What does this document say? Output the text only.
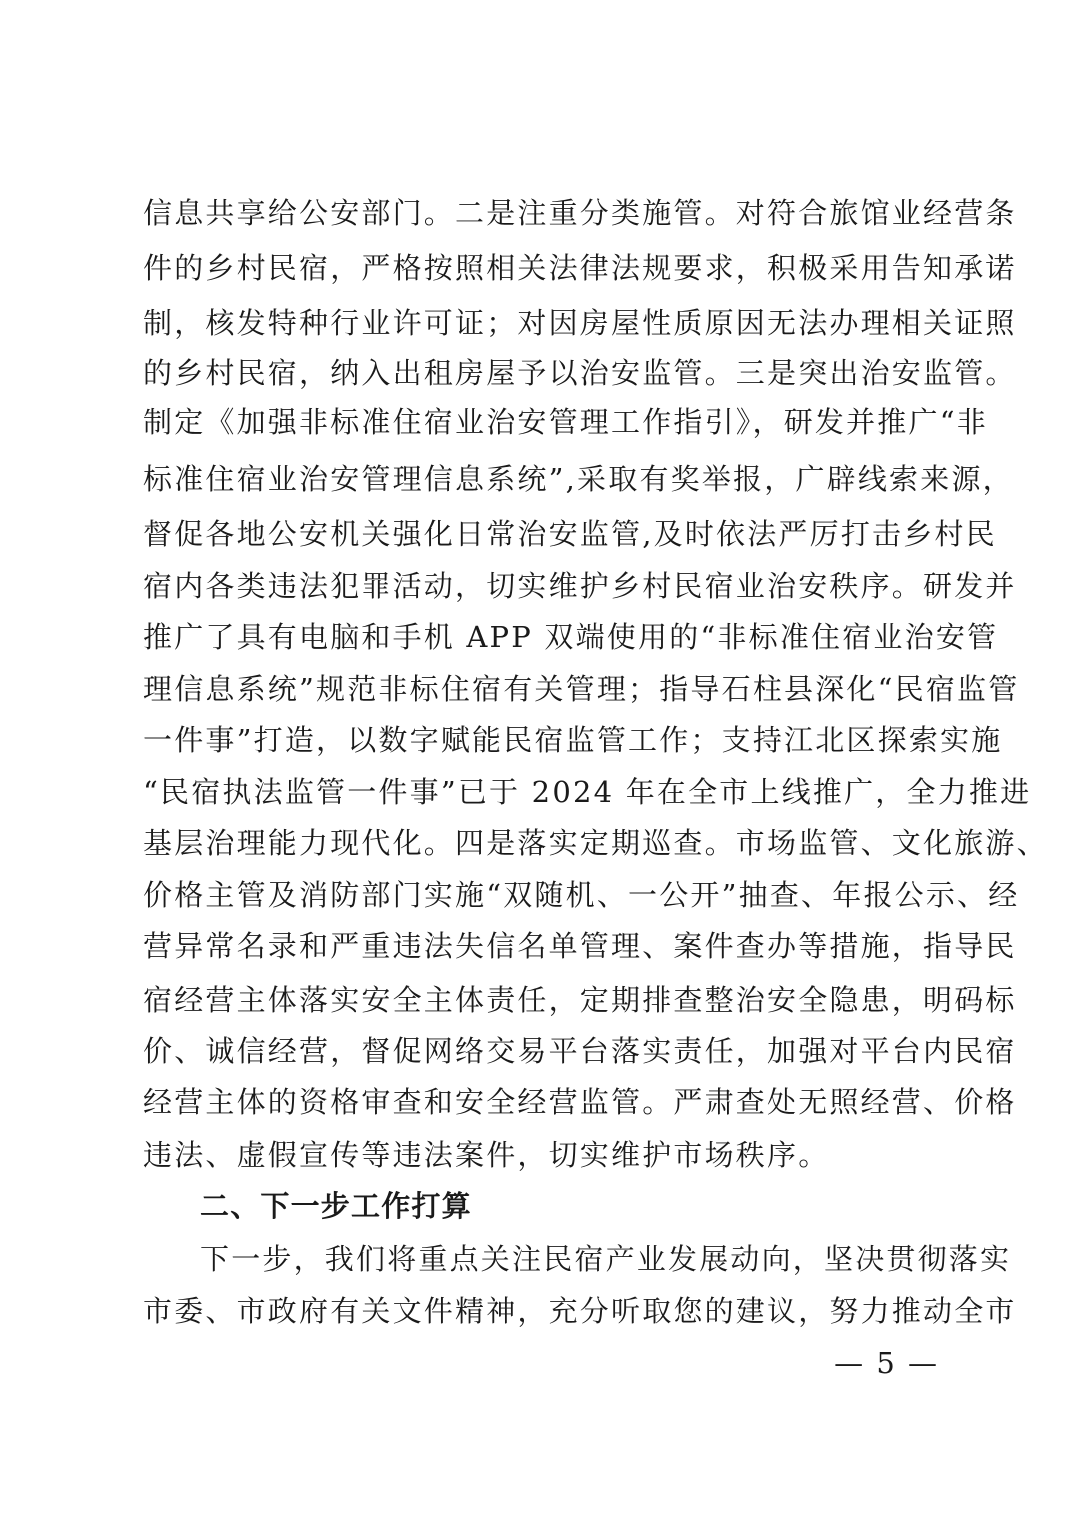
信息共享给公安部门。二是注重分类施管。对符合旅馆业经营条
件的乡村民宿，严格按照相关法律法规要求，积极采用告知承诺
制，核发特种行业许可证；对因房屋性质原因无法办理相关证照
的乡村民宿，纳入出租房屋予以治安监管。三是突出治安监管。
制定《加强非标准住宿业治安管理工作指引》，研发并推广“非
标准住宿业治安管理信息系统”,采取有奖举报，广辟线索来源，
督促各地公安机关强化日常治安监管,及时依法严厉打击乡村民
宿内各类违法犯罪活动，切实维护乡村民宿业治安秩序。研发并
推广了具有电脑和手机 APP 双端使用的“非标准住宿业治安管
理信息系统”规范非标住宿有关管理；指导石柱县深化“民宿监管
一件事”打造，以数字赋能民宿监管工作；支持江北区探索实施
“民宿执法监管一件事”已于 2024 年在全市上线推广，全力推进
基层治理能力现代化。四是落实定期巡查。市场监管、文化旅游、
价格主管及消防部门实施“双随机、一公开”抽查、年报公示、经
营异常名录和严重违法失信名单管理、案件查办等措施，指导民
宿经营主体落实安全主体责任，定期排查整治安全隐患，明码标
价、诚信经营，督促网络交易平台落实责任，加强对平台内民宿
经营主体的资格审查和安全经营监管。严肃查处无照经营、价格
违法、虚假宣传等违法案件，切实维护市场秩序。
二、下一步工作打算
下一步，我们将重点关注民宿产业发展动向，坚决贯彻落实
市委、市政府有关文件精神，充分听取您的建议，努力推动全市
— 5 —
